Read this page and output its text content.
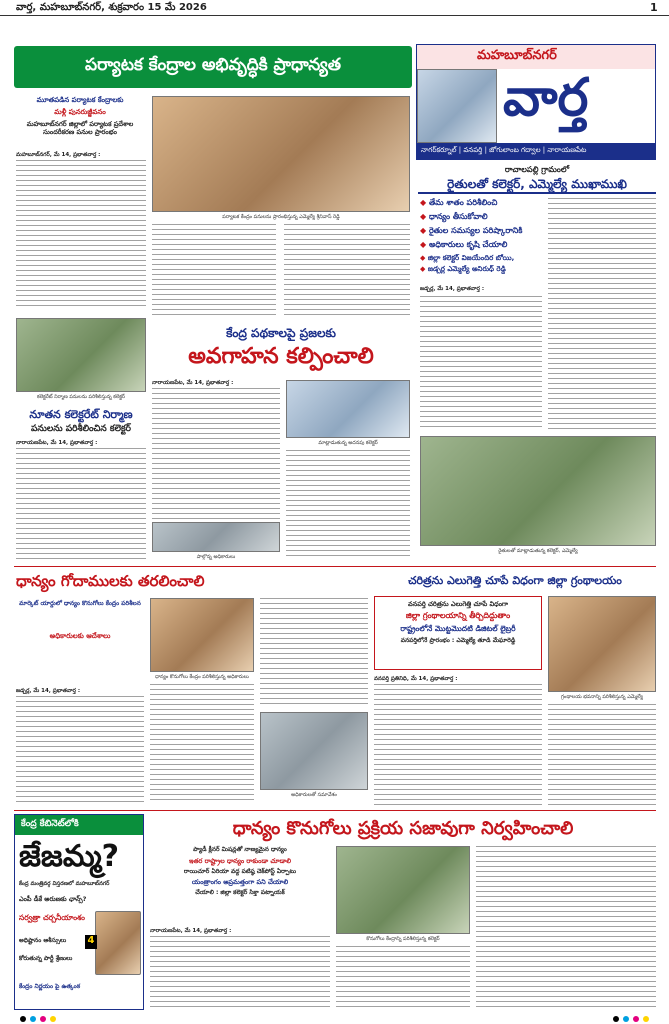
వార్త, మహబూబ్‌నగర్, శుక్రవారం 15 మే 2026	1
పర్యాటక కేంద్రాల అభివృద్ధికి ప్రాధాన్యత	మహబూబ్‌నగర్
వార్త
నాగర్‌కర్నూల్ | వనపర్తి | జోగులాంబ గద్వాల | నారాయణపేట
మూతపడిన పర్యాటక కేంద్రాలకు
మళ్లీ పునరుజ్జీవనం
మహబూబ్‌నగర్ జిల్లాలో పర్యాటక ప్రదేశాల సుందరీకరణ పనుల ప్రారంభం
మహబూబ్‌నగర్, మే 14, ప్రభాతవార్త :
పర్యాటక కేంద్రం పనులను ప్రారంభిస్తున్న ఎమ్మెల్యే శ్రీనివాస్ రెడ్డి
రాచాలపల్లి గ్రామంలో
రైతులతో కలెక్టర్, ఎమ్మెల్యే ముఖాముఖి
◆ తేమ శాతం పరిశీలించి
◆ ధాన్యం తీసుకోవాలి
◆ రైతుల సమస్యల పరిష్కారానికి
◆ అధికారులు కృషి చేయాలి
◆ జిల్లా కలెక్టర్ విజయేందిర బోయి,
◆ జడ్చర్ల ఎమ్మెల్యే అనిరుధ్ రెడ్డి
జడ్చర్ల, మే 14, ప్రభాతవార్త :
రైతులతో మాట్లాడుతున్న కలెక్టర్, ఎమ్మెల్యే
కేంద్ర పథకాలపై ప్రజలకు
అవగాహన కల్పించాలి
నారాయణపేట, మే 14, ప్రభాతవార్త :
మాట్లాడుతున్న అదనపు కలెక్టర్
పాల్గొన్న అధికారులు
కలెక్టరేట్ నిర్మాణ పనులను పరిశీలిస్తున్న కలెక్టర్
నూతన కలెక్టరేట్ నిర్మాణ
పనులను పరిశీలించిన కలెక్టర్
నారాయణపేట, మే 14, ప్రభాతవార్త :
ధాన్యం గోదాములకు తరలించాలి
మార్కెట్ యార్డులో ధాన్యం కొనుగోలు కేంద్రం పరిశీలన
అధికారులకు ఆదేశాలు
జడ్చర్ల, మే 14, ప్రభాతవార్త :
ధాన్యం కొనుగోలు కేంద్రం పరిశీలిస్తున్న అధికారులు
అధికారులతో సమావేశం
చరిత్రను ఎలుగెత్తి చూపే విధంగా జిల్లా గ్రంథాలయం
వనపర్తి చరిత్రను ఎలుగెత్తి చూపే విధంగా
జిల్లా గ్రంథాలయాన్ని తీర్చిదిద్దుతాం
రాష్ట్రంలోనే మొట్టమొదటి డిజిటల్ లైబ్రరీ
వనపర్తిలోనే ప్రారంభం : ఎమ్మెల్యే తూడి మేఘారెడ్డి
గ్రంథాలయ భవనాన్ని పరిశీలిస్తున్న ఎమ్మెల్యే
వనపర్తి ప్రతినిధి, మే 14, ప్రభాతవార్త :
కేంద్ర కేబినెట్‌లోకి
జేజమ్మ?
కేంద్ర మంత్రివర్గ విస్తరణలో మహబూబ్‌నగర్
ఎంపీ డీకే అరుణకు ఛాన్స్?
సర్వత్రా చర్చనీయాంశం
అధిష్టానం ఆశీస్సులు
కోరుతున్న పార్టీ శ్రేణులు
కేంద్రం నిర్ణయం పై ఉత్కంఠ
4
ధాన్యం కొనుగోలు ప్రక్రియ సజావుగా నిర్వహించాలి
ప్యాడీ క్లీనర్ మిషన్లతో నాణ్యమైన ధాన్యం
ఇతర రాష్ట్రాల ధాన్యం రాకుండా చూడాలి
రాయిచూర్ ఏరియా వద్ద పటిష్ఠ చెక్‌పోస్ట్ ఏర్పాటు
యంత్రాంగం అప్రమత్తంగా పని చేయాలి
చేయాలి : జిల్లా కలెక్టర్ సిక్తా పట్నాయక్
నారాయణపేట, మే 14, ప్రభాతవార్త :
కొనుగోలు కేంద్రాన్ని పరిశీలిస్తున్న కలెక్టర్
